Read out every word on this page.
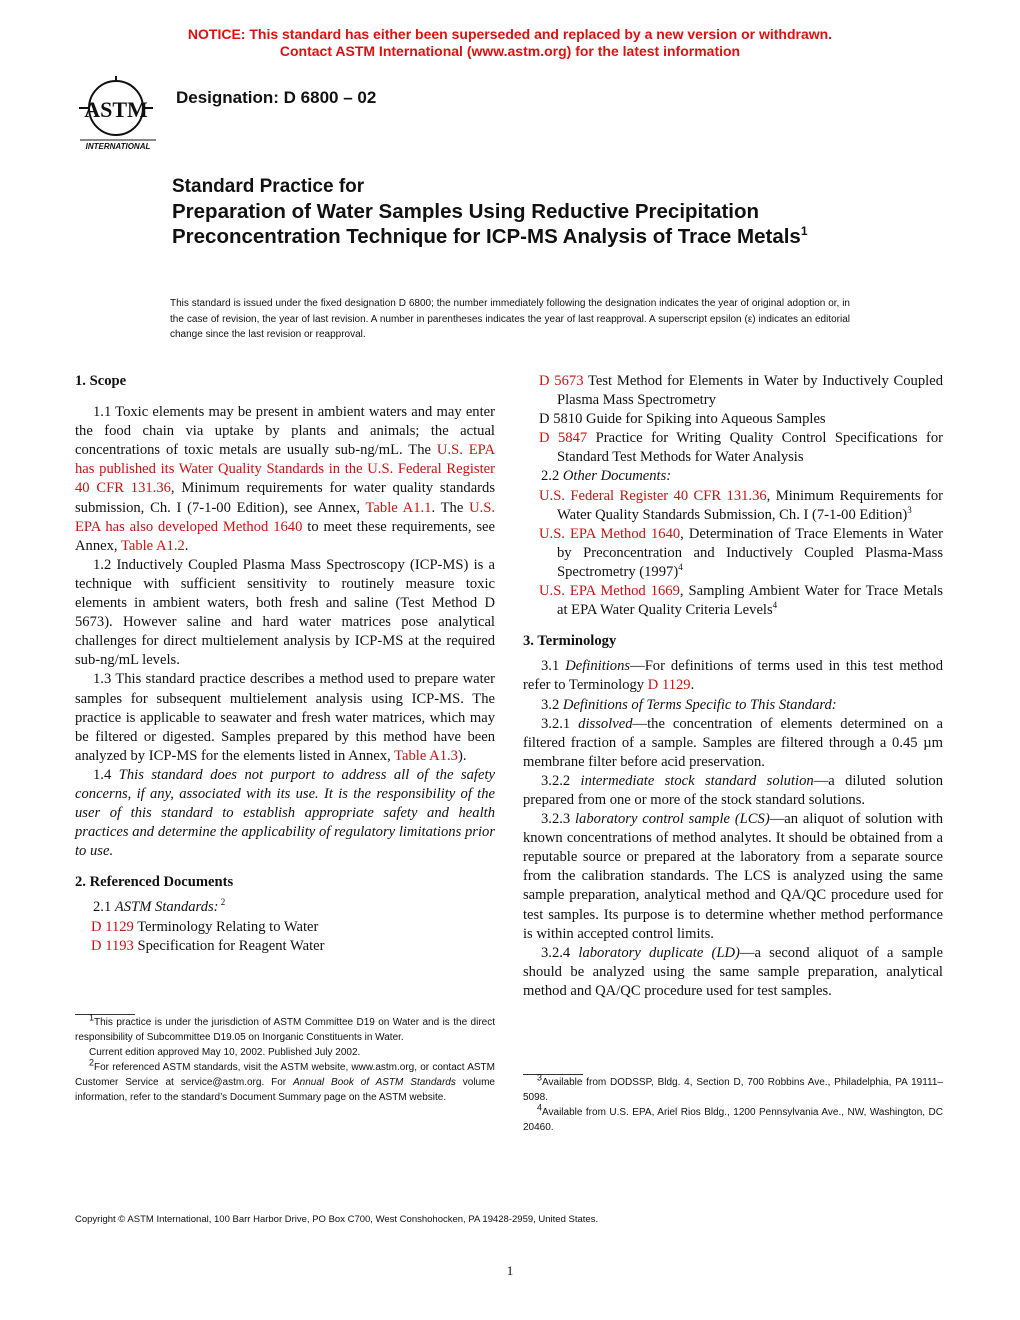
NOTICE: This standard has either been superseded and replaced by a new version or withdrawn.
Contact ASTM International (www.astm.org) for the latest information
ASTM
INTERNATIONAL
Designation: D 6800 – 02
Standard Practice for
Preparation of Water Samples Using Reductive Precipitation Preconcentration Technique for ICP-MS Analysis of Trace Metals$^1$
This standard is issued under the fixed designation D 6800; the number immediately following the designation indicates the year of original adoption or, in the case of revision, the year of last revision. A number in parentheses indicates the year of last reapproval. A superscript epsilon (ε) indicates an editorial change since the last revision or reapproval.

1. Scope

1.1 Toxic elements may be present in ambient waters and may enter the food chain via uptake by plants and animals; the actual concentrations of toxic metals are usually sub-ng/mL. The U.S. EPA has published its Water Quality Standards in the U.S. Federal Register 40 CFR 131.36, Minimum requirements for water quality standards submission, Ch. I (7-1-00 Edition), see Annex, Table A1.1. The U.S. EPA has also developed Method 1640 to meet these requirements, see Annex, Table A1.2.

1.2 Inductively Coupled Plasma Mass Spectroscopy (ICP-MS) is a technique with sufficient sensitivity to routinely measure toxic elements in ambient waters, both fresh and saline (Test Method D 5673). However saline and hard water matrices pose analytical challenges for direct multielement analysis by ICP-MS at the required sub-ng/mL levels.

1.3 This standard practice describes a method used to prepare water samples for subsequent multielement analysis using ICP-MS. The practice is applicable to seawater and fresh water matrices, which may be filtered or digested. Samples prepared by this method have been analyzed by ICP-MS for the elements listed in Annex, Table A1.3).

1.4 This standard does not purport to address all of the safety concerns, if any, associated with its use. It is the responsibility of the user of this standard to establish appropriate safety and health practices and determine the applicability of regulatory limitations prior to use.

2. Referenced Documents

2.1 ASTM Standards: $^2$

D 1129 Terminology Relating to Water

D 1193 Specification for Reagent Water

D 5673 Test Method for Elements in Water by Inductively Coupled Plasma Mass Spectrometry

D 5810 Guide for Spiking into Aqueous Samples

D 5847 Practice for Writing Quality Control Specifications for Standard Test Methods for Water Analysis

2.2 Other Documents:

U.S. Federal Register 40 CFR 131.36, Minimum Requirements for Water Quality Standards Submission, Ch. I (7-1-00 Edition)$^3$

U.S. EPA Method 1640, Determination of Trace Elements in Water by Preconcentration and Inductively Coupled Plasma-Mass Spectrometry $(1997)^4$

U.S. EPA Method 1669, Sampling Ambient Water for Trace Metals at EPA Water Quality Criteria Levels$^4$

3. Terminology

3.1 Definitions—For definitions of terms used in this test method refer to Terminology D 1129.

3.2 Definitions of Terms Specific to This Standard:

3.2.1 dissolved—the concentration of elements determined on a filtered fraction of a sample. Samples are filtered through a 0.45 µm membrane filter before acid preservation.

3.2.2 intermediate stock standard solution—a diluted solution prepared from one or more of the stock standard solutions.

3.2.3 laboratory control sample (LCS)—an aliquot of solution with known concentrations of method analytes. It should be obtained from a reputable source or prepared at the laboratory from a separate source from the calibration standards. The LCS is analyzed using the same sample preparation, analytical method and QA/QC procedure used for test samples. Its purpose is to determine whether method performance is within accepted control limits.

3.2.4 laboratory duplicate (LD)—a second aliquot of a sample should be analyzed using the same sample preparation, analytical method and QA/QC procedure used for test samples.

$^1$This practice is under the jurisdiction of ASTM Committee D19 on Water and is the direct responsibility of Subcommittee D19.05 on Inorganic Constituents in Water.

Current edition approved May 10, 2002. Published July 2002.

$^2$For referenced ASTM standards, visit the ASTM website, www.astm.org, or contact ASTM Customer Service at service@astm.org. For Annual Book of ASTM Standards volume information, refer to the standard’s Document Summary page on the ASTM website.

$^3$Available from DODSSP, Bldg. 4, Section D, 700 Robbins Ave., Philadelphia, PA 19111–5098.

$^4$Available from U.S. EPA, Ariel Rios Bldg., 1200 Pennsylvania Ave., NW, Washington, DC 20460.

Copyright © ASTM International, 100 Barr Harbor Drive, PO Box C700, West Conshohocken, PA 19428-2959, United States.
1
